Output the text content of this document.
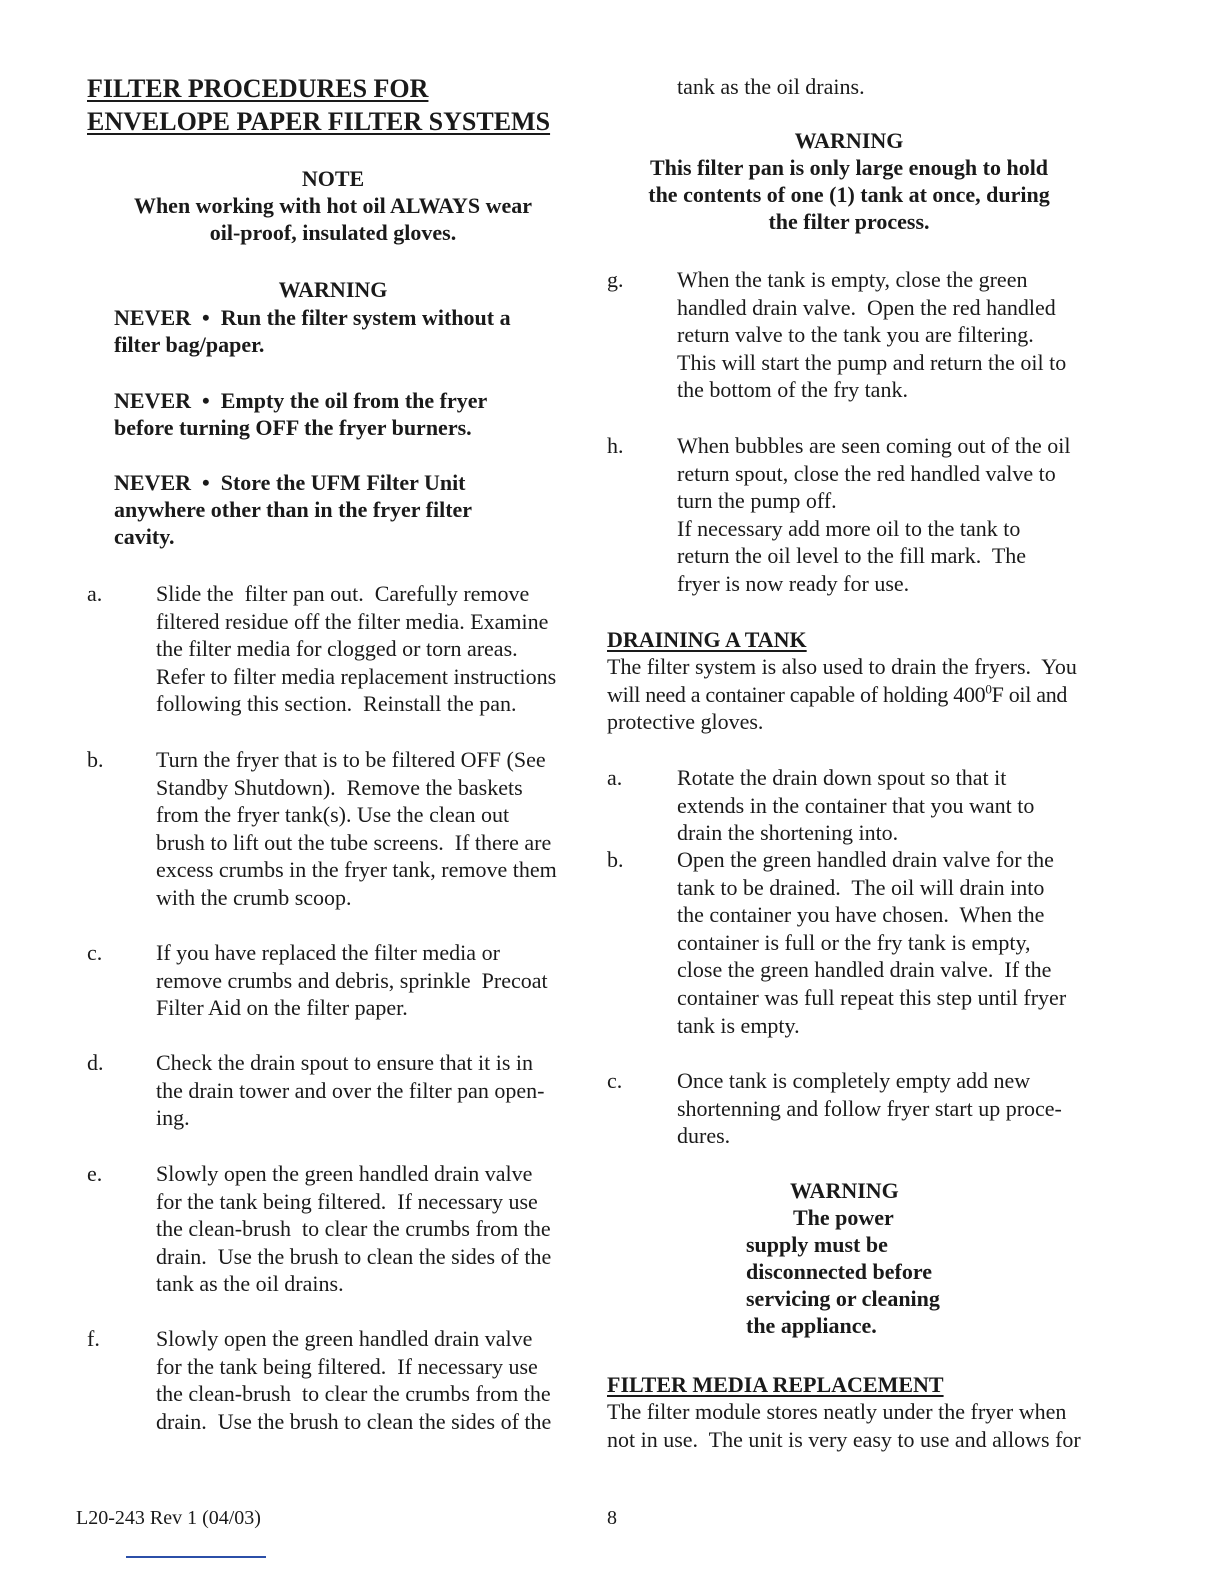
FILTER PROCEDURES FOR
ENVELOPE PAPER FILTER SYSTEMS
NOTE
When working with hot oil ALWAYS wear
oil-proof, insulated gloves.
WARNING
NEVER  •  Run the filter system without a
filter bag/paper.
NEVER  •  Empty the oil from the fryer
before turning OFF the fryer burners.
NEVER  •  Store the UFM Filter Unit
anywhere other than in the fryer filter
cavity.
a. Slide the  filter pan out.  Carefully remove
filtered residue off the filter media. Examine
the filter media for clogged or torn areas.
Refer to filter media replacement instructions
following this section.  Reinstall the pan.
b. Turn the fryer that is to be filtered OFF (See
Standby Shutdown).  Remove the baskets
from the fryer tank(s). Use the clean out
brush to lift out the tube screens.  If there are
excess crumbs in the fryer tank, remove them
with the crumb scoop.
c. If you have replaced the filter media or
remove crumbs and debris, sprinkle  Precoat
Filter Aid on the filter paper.
d. Check the drain spout to ensure that it is in
the drain tower and over the filter pan open-
ing.
e. Slowly open the green handled drain valve
for the tank being filtered.  If necessary use
the clean-brush  to clear the crumbs from the
drain.  Use the brush to clean the sides of the
tank as the oil drains.
f.	Slowly open the green handled drain valve
for the tank being filtered.  If necessary use
the clean-brush  to clear the crumbs from the
drain.  Use the brush to clean the sides of the
tank as the oil drains.
WARNING
This filter pan is only large enough to hold
the contents of one (1) tank at once, during
the filter process.
g. When the tank is empty, close the green
handled drain valve.  Open the red handled
return valve to the tank you are filtering.
This will start the pump and return the oil to
the bottom of the fry tank.
h. When bubbles are seen coming out of the oil
return spout, close the red handled valve to
turn the pump off.
If necessary add more oil to the tank to
return the oil level to the fill mark.  The
fryer is now ready for use.
DRAINING A TANK
The filter system is also used to drain the fryers.  You
will need a container capable of holding $400^0F$ oil and
protective gloves.
a. Rotate the drain down spout so that it
extends in the container that you want to
drain the shortening into.
b. Open the green handled drain valve for the
tank to be drained.  The oil will drain into
the container you have chosen.  When the
container is full or the fry tank is empty,
close the green handled drain valve.  If the
container was full repeat this step until fryer
tank is empty.
c. Once tank is completely empty add new
shortenning and follow fryer start up proce-
dures.
WARNING
The power
supply must be
disconnected before
servicing or cleaning
the appliance.
FILTER MEDIA REPLACEMENT
The filter module stores neatly under the fryer when
not in use.  The unit is very easy to use and allows for
L20-243 Rev 1 (04/03)	8
